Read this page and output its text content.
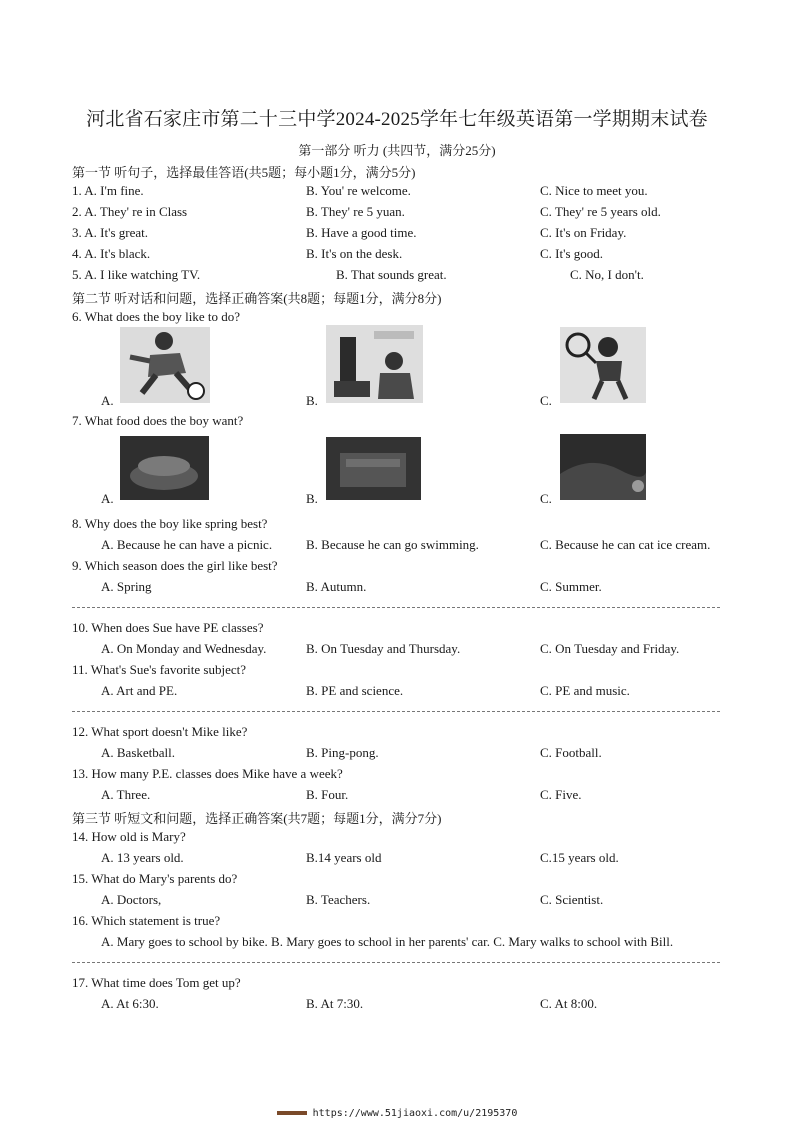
河北省石家庄市第二十三中学2024-2025学年七年级英语第一学期期末试卷
第一部分 听力 (共四节，满分25分)
第一节 听句子，选择最佳答语(共5题；每小题1分，满分5分)
1. A. I'm fine.	B. You' re welcome.	C. Nice to meet you.
2. A. They' re in Class	B. They' re 5 yuan.	C. They' re 5 years old.
3. A. It's great.	B. Have a good time.	C. It's on Friday.
4. A. It's black.	B. It's on the desk.	C. It's good.
5. A. I like watching TV.	B. That sounds great.	C. No, I don't.
第二节 听对话和问题，选择正确答案(共8题；每题1分，满分8分)
6. What does the boy like to do?
A.	B.	C.
7. What food does the boy want?
A.	B.	C.
8. Why does the boy like spring best?
A. Because he can have a picnic.	B. Because he can go swimming.	C. Because he can cat ice cream.
9. Which season does the girl like best?
A. Spring	B. Autumn.	C. Summer.
10. When does Sue have PE classes?
A. On Monday and Wednesday.	B. On Tuesday and Thursday.	C. On Tuesday and Friday.
11. What's Sue's favorite subject?
A. Art and PE.	B. PE and science.	C. PE and music.
12. What sport doesn't Mike like?
A. Basketball.	B. Ping-pong.	C. Football.
13. How many P.E. classes does Mike have a week?
A. Three.	B. Four.	C. Five.
第三节 听短文和问题，选择正确答案(共7题；每题1分，满分7分)
14. How old is Mary?
A. 13 years old.	B.14 years old	C.15 years old.
15. What do Mary's parents do?
A. Doctors,	B. Teachers.	C. Scientist.
16. Which statement is true?
A. Mary goes to school by bike. B. Mary goes to school in her parents' car. C. Mary walks to school with Bill.
17. What time does Tom get up?
A. At 6:30.	B. At 7:30.	C. At 8:00.
https://www.51jiaoxi.com/u/2195370
